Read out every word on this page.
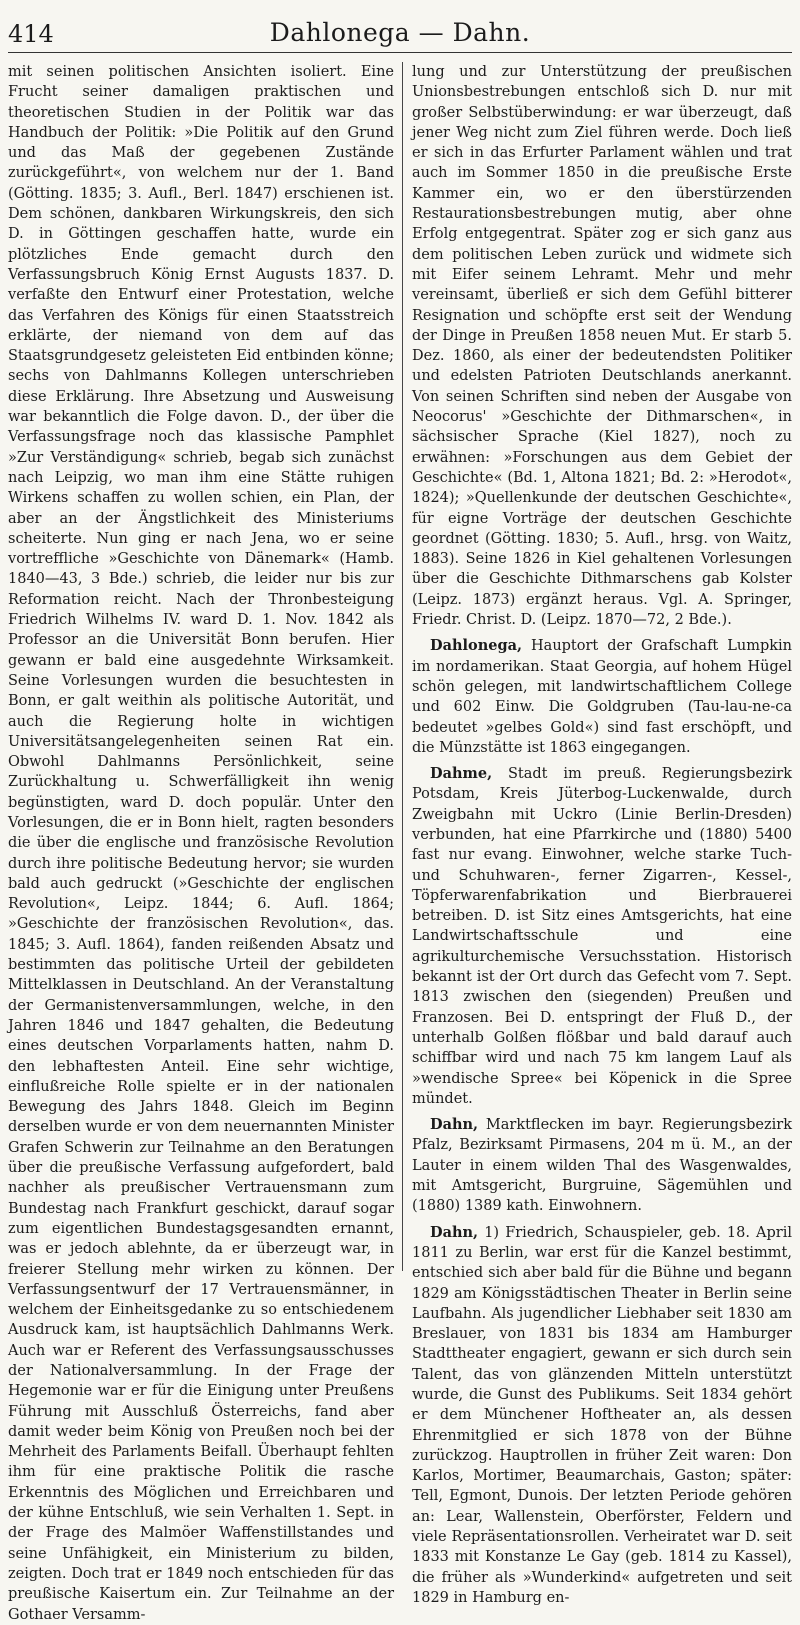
414	Dahlonega — Dahn.

mit seinen politischen Ansichten isoliert. Eine Frucht seiner damaligen praktischen und theoretischen Studien in der Politik war das Handbuch der Politik: »Die Politik auf den Grund und das Maß der gegebenen Zustände zurückgeführt«, von welchem nur der 1. Band (Götting. 1835; 3. Aufl., Berl. 1847) erschienen ist. Dem schönen, dankbaren Wirkungskreis, den sich D. in Göttingen geschaffen hatte, wurde ein plötzliches Ende gemacht durch den Verfassungsbruch König Ernst Augusts 1837. D. verfaßte den Entwurf einer Protestation, welche das Verfahren des Königs für einen Staatsstreich erklärte, der niemand von dem auf das Staatsgrundgesetz geleisteten Eid entbinden könne; sechs von Dahlmanns Kollegen unterschrieben diese Erklärung. Ihre Absetzung und Ausweisung war bekanntlich die Folge davon. D., der über die Verfassungsfrage noch das klassische Pamphlet »Zur Verständigung« schrieb, begab sich zunächst nach Leipzig, wo man ihm eine Stätte ruhigen Wirkens schaffen zu wollen schien, ein Plan, der aber an der Ängstlichkeit des Ministeriums scheiterte. Nun ging er nach Jena, wo er seine vortreffliche »Geschichte von Dänemark« (Hamb. 1840—43, 3 Bde.) schrieb, die leider nur bis zur Reformation reicht. Nach der Thronbesteigung Friedrich Wilhelms IV. ward D. 1. Nov. 1842 als Professor an die Universität Bonn berufen. Hier gewann er bald eine ausgedehnte Wirksamkeit. Seine Vorlesungen wurden die besuchtesten in Bonn, er galt weithin als politische Autorität, und auch die Regierung holte in wichtigen Universitätsangelegenheiten seinen Rat ein. Obwohl Dahlmanns Persönlichkeit, seine Zurückhaltung u. Schwerfälligkeit ihn wenig begünstigten, ward D. doch populär. Unter den Vorlesungen, die er in Bonn hielt, ragten besonders die über die englische und französische Revolution durch ihre politische Bedeutung hervor; sie wurden bald auch gedruckt (»Geschichte der englischen Revolution«, Leipz. 1844; 6. Aufl. 1864; »Geschichte der französischen Revolution«, das. 1845; 3. Aufl. 1864), fanden reißenden Absatz und bestimmten das politische Urteil der gebildeten Mittelklassen in Deutschland. An der Veranstaltung der Germanistenversammlungen, welche, in den Jahren 1846 und 1847 gehalten, die Bedeutung eines deutschen Vorparlaments hatten, nahm D. den lebhaftesten Anteil. Eine sehr wichtige, einflußreiche Rolle spielte er in der nationalen Bewegung des Jahrs 1848. Gleich im Beginn derselben wurde er von dem neuernannten Minister Grafen Schwerin zur Teilnahme an den Beratungen über die preußische Verfassung aufgefordert, bald nachher als preußischer Vertrauensmann zum Bundestag nach Frankfurt geschickt, darauf sogar zum eigentlichen Bundestagsgesandten ernannt, was er jedoch ablehnte, da er überzeugt war, in freierer Stellung mehr wirken zu können. Der Verfassungsentwurf der 17 Vertrauensmänner, in welchem der Einheitsgedanke zu so entschiedenem Ausdruck kam, ist hauptsächlich Dahlmanns Werk. Auch war er Referent des Verfassungsausschusses der Nationalversammlung. In der Frage der Hegemonie war er für die Einigung unter Preußens Führung mit Ausschluß Österreichs, fand aber damit weder beim König von Preußen noch bei der Mehrheit des Parlaments Beifall. Überhaupt fehlten ihm für eine praktische Politik die rasche Erkenntnis des Möglichen und Erreichbaren und der kühne Entschluß, wie sein Verhalten 1. Sept. in der Frage des Malmöer Waffenstillstandes und seine Unfähigkeit, ein Ministerium zu bilden, zeigten. Doch trat er 1849 noch entschieden für das preußische Kaisertum ein. Zur Teilnahme an der Gothaer Versamm-

lung und zur Unterstützung der preußischen Unionsbestrebungen entschloß sich D. nur mit großer Selbstüberwindung: er war überzeugt, daß jener Weg nicht zum Ziel führen werde. Doch ließ er sich in das Erfurter Parlament wählen und trat auch im Sommer 1850 in die preußische Erste Kammer ein, wo er den überstürzenden Restaurationsbestrebungen mutig, aber ohne Erfolg entgegentrat. Später zog er sich ganz aus dem politischen Leben zurück und widmete sich mit Eifer seinem Lehramt. Mehr und mehr vereinsamt, überließ er sich dem Gefühl bitterer Resignation und schöpfte erst seit der Wendung der Dinge in Preußen 1858 neuen Mut. Er starb 5. Dez. 1860, als einer der bedeutendsten Politiker und edelsten Patrioten Deutschlands anerkannt. Von seinen Schriften sind neben der Ausgabe von Neocorus' »Geschichte der Dithmarschen«, in sächsischer Sprache (Kiel 1827), noch zu erwähnen: »Forschungen aus dem Gebiet der Geschichte« (Bd. 1, Altona 1821; Bd. 2: »Herodot«, 1824); »Quellenkunde der deutschen Geschichte«, für eigne Vorträge der deutschen Geschichte geordnet (Götting. 1830; 5. Aufl., hrsg. von Waitz, 1883). Seine 1826 in Kiel gehaltenen Vorlesungen über die Geschichte Dithmarschens gab Kolster (Leipz. 1873) ergänzt heraus. Vgl. A. Springer, Friedr. Christ. D. (Leipz. 1870—72, 2 Bde.).

Dahlonega, Hauptort der Grafschaft Lumpkin im nordamerikan. Staat Georgia, auf hohem Hügel schön gelegen, mit landwirtschaftlichem College und 602 Einw. Die Goldgruben (Tau-lau-ne-ca bedeutet »gelbes Gold«) sind fast erschöpft, und die Münzstätte ist 1863 eingegangen.

Dahme, Stadt im preuß. Regierungsbezirk Potsdam, Kreis Jüterbog-Luckenwalde, durch Zweigbahn mit Uckro (Linie Berlin-Dresden) verbunden, hat eine Pfarrkirche und (1880) 5400 fast nur evang. Einwohner, welche starke Tuch- und Schuhwaren-, ferner Zigarren-, Kessel-, Töpferwarenfabrikation und Bierbrauerei betreiben. D. ist Sitz eines Amtsgerichts, hat eine Landwirtschaftsschule und eine agrikulturchemische Versuchsstation. Historisch bekannt ist der Ort durch das Gefecht vom 7. Sept. 1813 zwischen den (siegenden) Preußen und Franzosen. Bei D. entspringt der Fluß D., der unterhalb Golßen flößbar und bald darauf auch schiffbar wird und nach 75 km langem Lauf als »wendische Spree« bei Köpenick in die Spree mündet.

Dahn, Marktflecken im bayr. Regierungsbezirk Pfalz, Bezirksamt Pirmasens, 204 m ü. M., an der Lauter in einem wilden Thal des Wasgenwaldes, mit Amtsgericht, Burgruine, Sägemühlen und (1880) 1389 kath. Einwohnern.

Dahn, 1) Friedrich, Schauspieler, geb. 18. April 1811 zu Berlin, war erst für die Kanzel bestimmt, entschied sich aber bald für die Bühne und begann 1829 am Königsstädtischen Theater in Berlin seine Laufbahn. Als jugendlicher Liebhaber seit 1830 am Breslauer, von 1831 bis 1834 am Hamburger Stadttheater engagiert, gewann er sich durch sein Talent, das von glänzenden Mitteln unterstützt wurde, die Gunst des Publikums. Seit 1834 gehört er dem Münchener Hoftheater an, als dessen Ehrenmitglied er sich 1878 von der Bühne zurückzog. Hauptrollen in früher Zeit waren: Don Karlos, Mortimer, Beaumarchais, Gaston; später: Tell, Egmont, Dunois. Der letzten Periode gehören an: Lear, Wallenstein, Oberförster, Feldern und viele Repräsentationsrollen. Verheiratet war D. seit 1833 mit Konstanze Le Gay (geb. 1814 zu Kassel), die früher als »Wunderkind« aufgetreten und seit 1829 in Hamburg en-
